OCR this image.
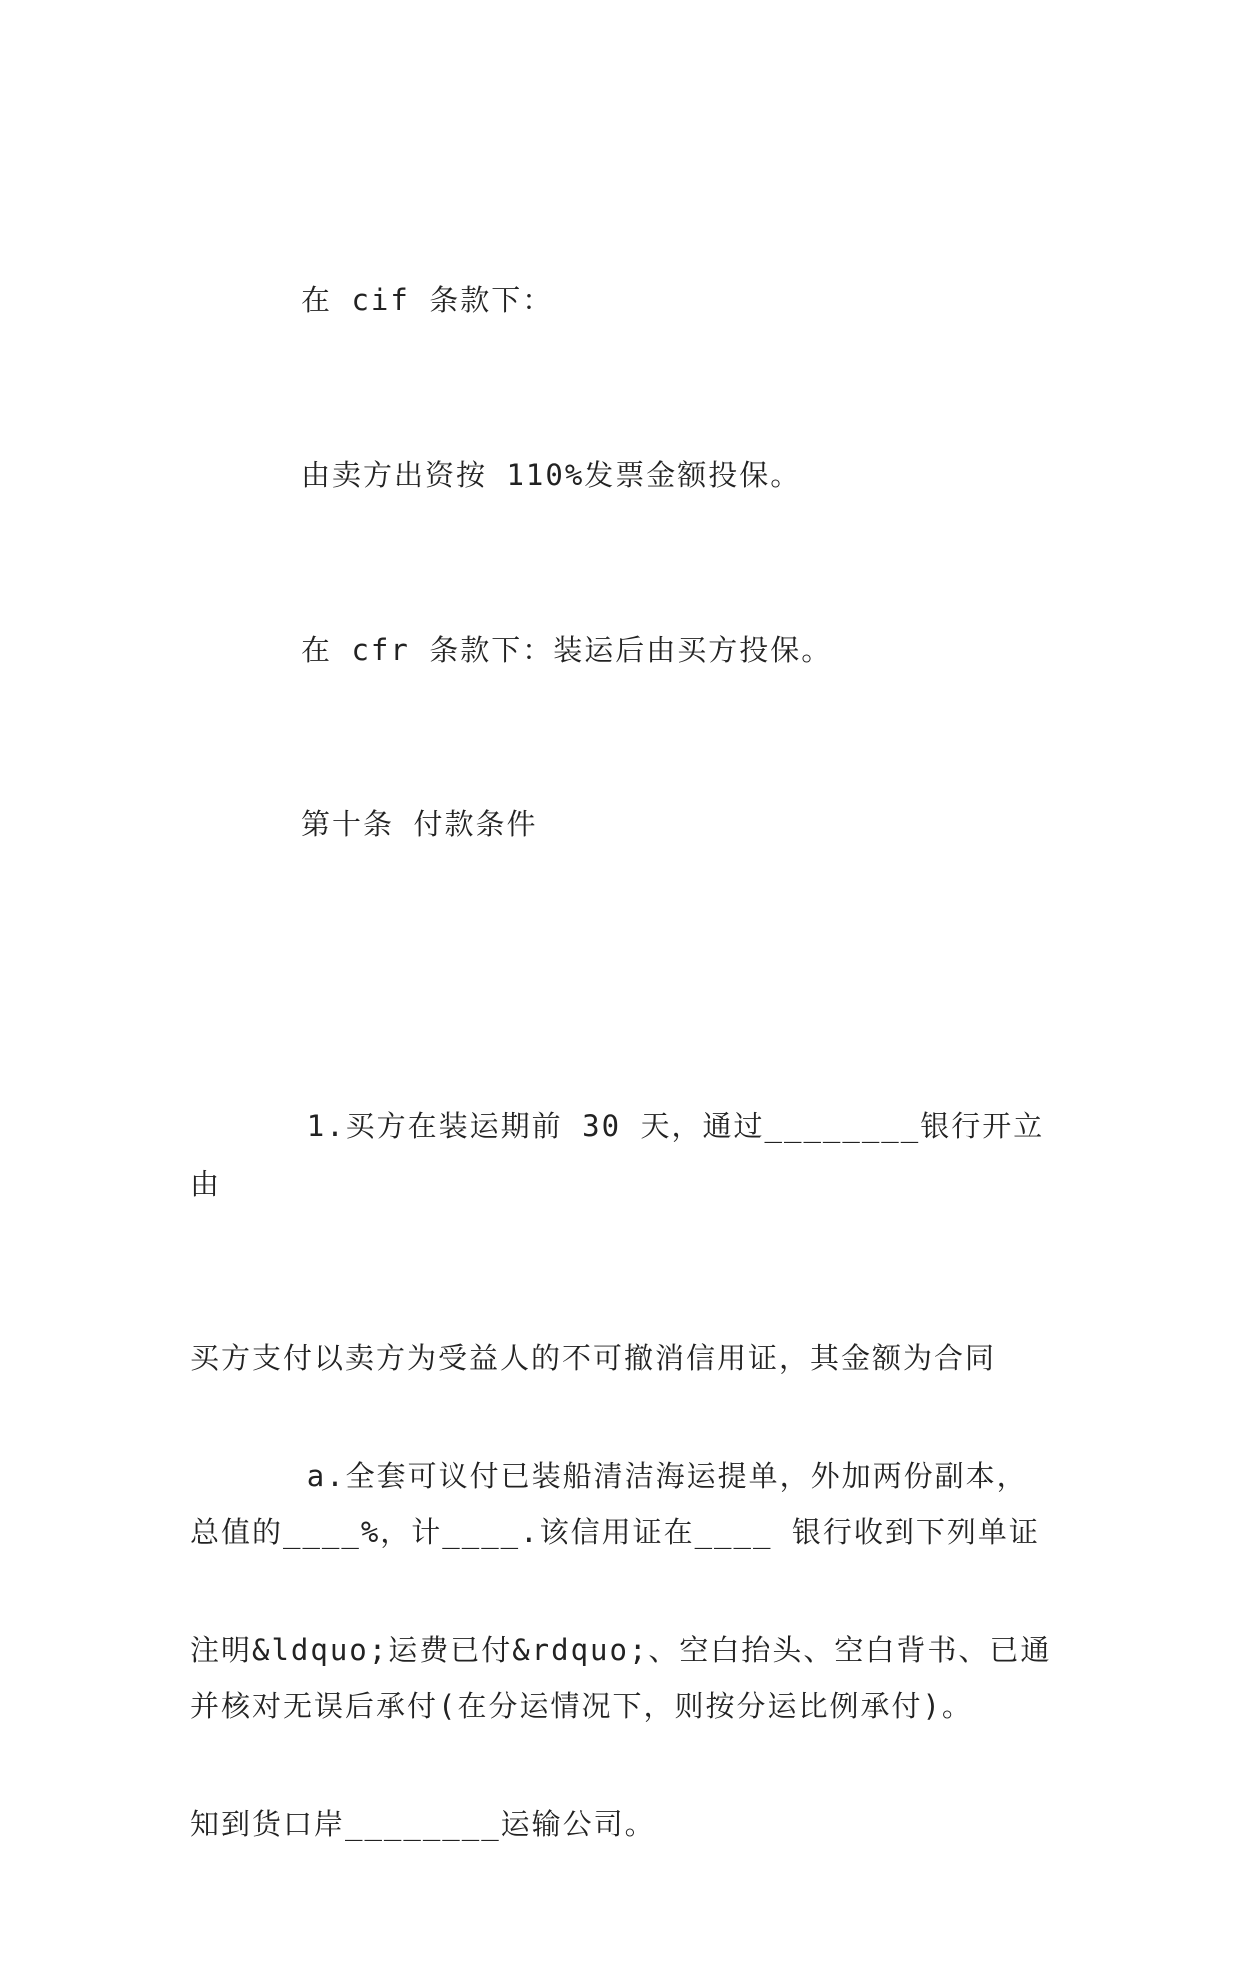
在 cif 条款下：
由卖方出资按 110%发票金额投保。
在 cfr 条款下：装运后由买方投保。
第十条 付款条件

1.买方在装运期前 30 天，通过________银行开立由

买方支付以卖方为受益人的不可撤消信用证，其金额为合同

总值的____%，计____.该信用证在____ 银行收到下列单证

并核对无误后承付(在分运情况下，则按分运比例承付)。

a.全套可议付已装船清洁海运提单，外加两份副本，

注明&ldquo;运费已付&rdquo;、空白抬头、空白背书、已通

知到货口岸________运输公司。
